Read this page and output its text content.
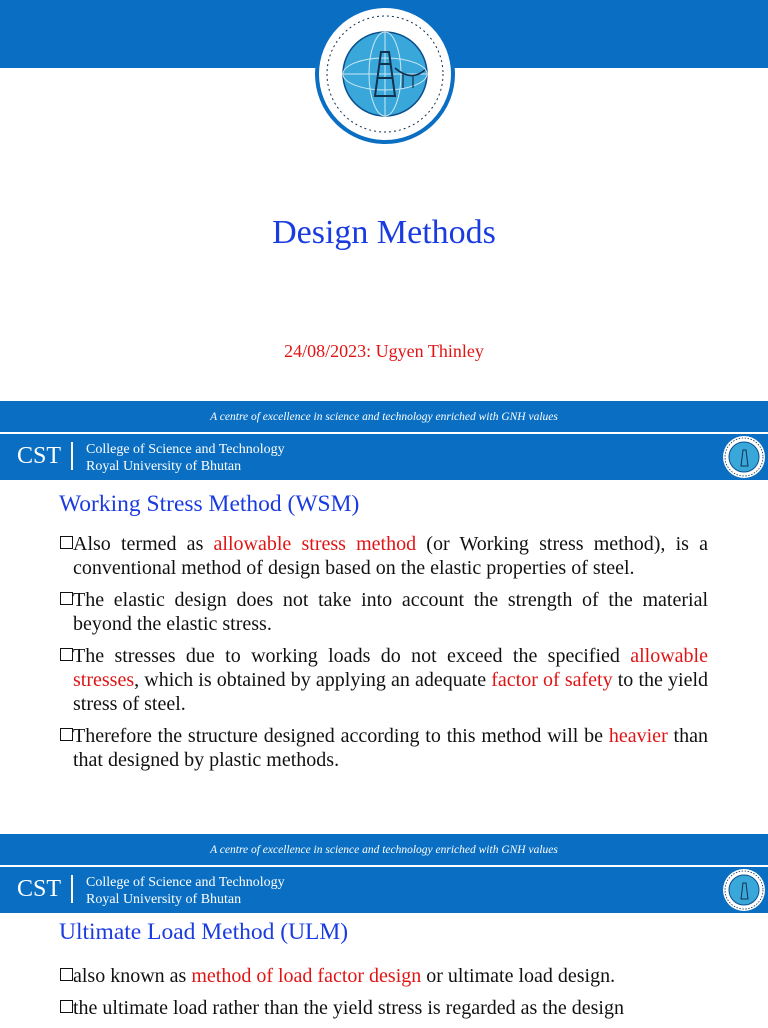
Design Methods
24/08/2023: Ugyen Thinley
A centre of excellence in science and technology enriched with GNH values
CST College of Science and Technology
Royal University of Bhutan
Working Stress Method (WSM)
Also termed as allowable stress method (or Working stress method), is a conventional method of design based on the elastic properties of steel.
The elastic design does not take into account the strength of the material beyond the elastic stress.
The stresses due to working loads do not exceed the specified allowable stresses, which is obtained by applying an adequate factor of safety to the yield stress of steel.
Therefore the structure designed according to this method will be heavier than that designed by plastic methods.
A centre of excellence in science and technology enriched with GNH values
CST College of Science and Technology
Royal University of Bhutan
Ultimate Load Method (ULM)
also known as method of load factor design or ultimate load design.
the ultimate load rather than the yield stress is regarded as the design
